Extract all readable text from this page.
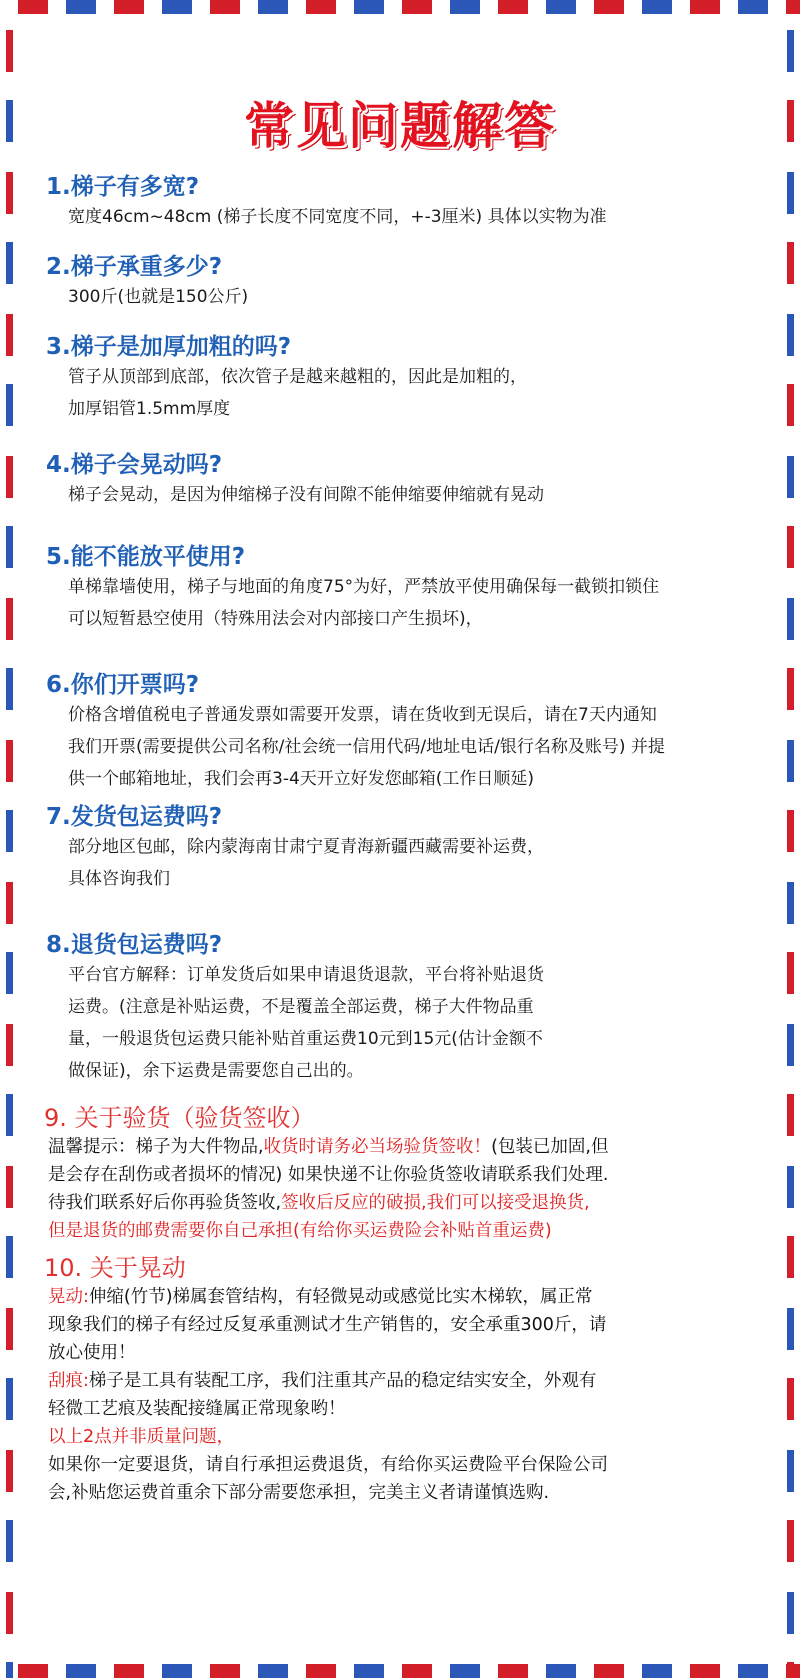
常见问题解答

1.梯子有多宽?

宽度46cm~48cm (梯子长度不同宽度不同，+-3厘米) 具体以实物为准

2.梯子承重多少?

300斤(也就是150公斤)

3.梯子是加厚加粗的吗?

管子从顶部到底部，依次管子是越来越粗的，因此是加粗的，

加厚铝管1.5mm厚度

4.梯子会晃动吗?

梯子会晃动，是因为伸缩梯子没有间隙不能伸缩要伸缩就有晃动

5.能不能放平使用?

单梯靠墙使用，梯子与地面的角度75°为好，严禁放平使用确保每一截锁扣锁住

可以短暂悬空使用（特殊用法会对内部接口产生损坏)，

6.你们开票吗?

价格含增值税电子普通发票如需要开发票，请在货收到无误后，请在7天内通知

我们开票(需要提供公司名称/社会统一信用代码/地址电话/银行名称及账号) 并提

供一个邮箱地址，我们会再3-4天开立好发您邮箱(工作日顺延)

7.发货包运费吗?

部分地区包邮，除内蒙海南甘肃宁夏青海新疆西藏需要补运费，

具体咨询我们

8.退货包运费吗?

平台官方解释：订单发货后如果申请退货退款，平台将补贴退货

运费。(注意是补贴运费，不是覆盖全部运费，梯子大件物品重

量，一般退货包运费只能补贴首重运费10元到15元(估计金额不

做保证)，余下运费是需要您自己出的。

9. 关于验货（验货签收）

温馨提示：梯子为大件物品,收货时请务必当场验货签收！(包装已加固,但

是会存在刮伤或者损坏的情况) 如果快递不让你验货签收请联系我们处理.

待我们联系好后你再验货签收,签收后反应的破损,我们可以接受退换货,

但是退货的邮费需要你自己承担(有给你买运费险会补贴首重运费)

10. 关于晃动

晃动:伸缩(竹节)梯属套管结构，有轻微晃动或感觉比实木梯软，属正常

现象我们的梯子有经过反复承重测试才生产销售的，安全承重300斤，请

放心使用！

刮痕:梯子是工具有装配工序，我们注重其产品的稳定结实安全，外观有

轻微工艺痕及装配接缝属正常现象哟！

以上2点并非质量问题，

如果你一定要退货，请自行承担运费退货，有给你买运费险平台保险公司

会,补贴您运费首重余下部分需要您承担，完美主义者请谨慎选购.
